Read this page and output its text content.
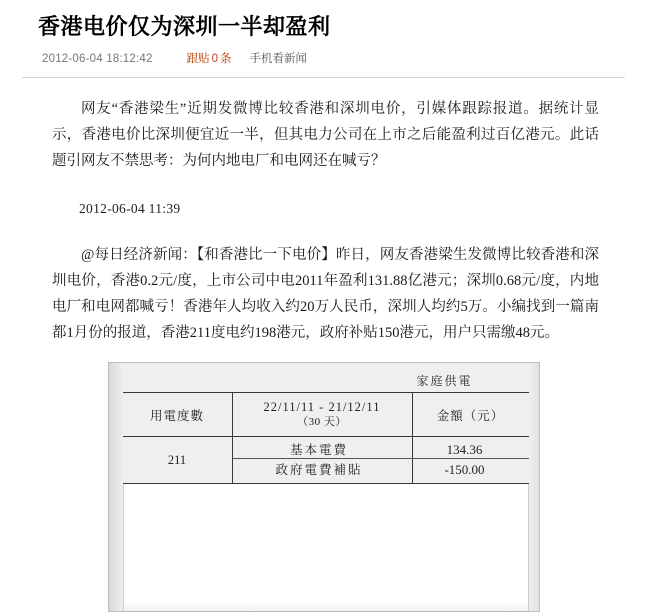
香港电价仅为深圳一半却盈利
2012-06-04 18:12:42	跟贴 0 条 手机看新闻

网友“香港梁生”近期发微博比较香港和深圳电价，引媒体跟踪报道。据统计显示，香港电价比深圳便宜近一半，但其电力公司在上市之后能盈利过百亿港元。此话题引网友不禁思考：为何内地电厂和电网还在喊亏？

2012-06-04 11:39

@每日经济新闻：【和香港比一下电价】昨日，网友香港梁生发微博比较香港和深圳电价，香港0.2元/度，上市公司中电2011年盈利131.88亿港元；深圳0.68元/度，内地电厂和电网都喊亏！香港年人均收入约20万人民币，深圳人均约5万。小编找到一篇南都1月份的报道，香港211度电约198港元，政府补贴150港元，用户只需缴48元。

家庭供電
用電度數
22/11/11 - 21/12/11
（30 天）	金額（元）
211
基本電費
政府電費補貼
134.36
-150.00
